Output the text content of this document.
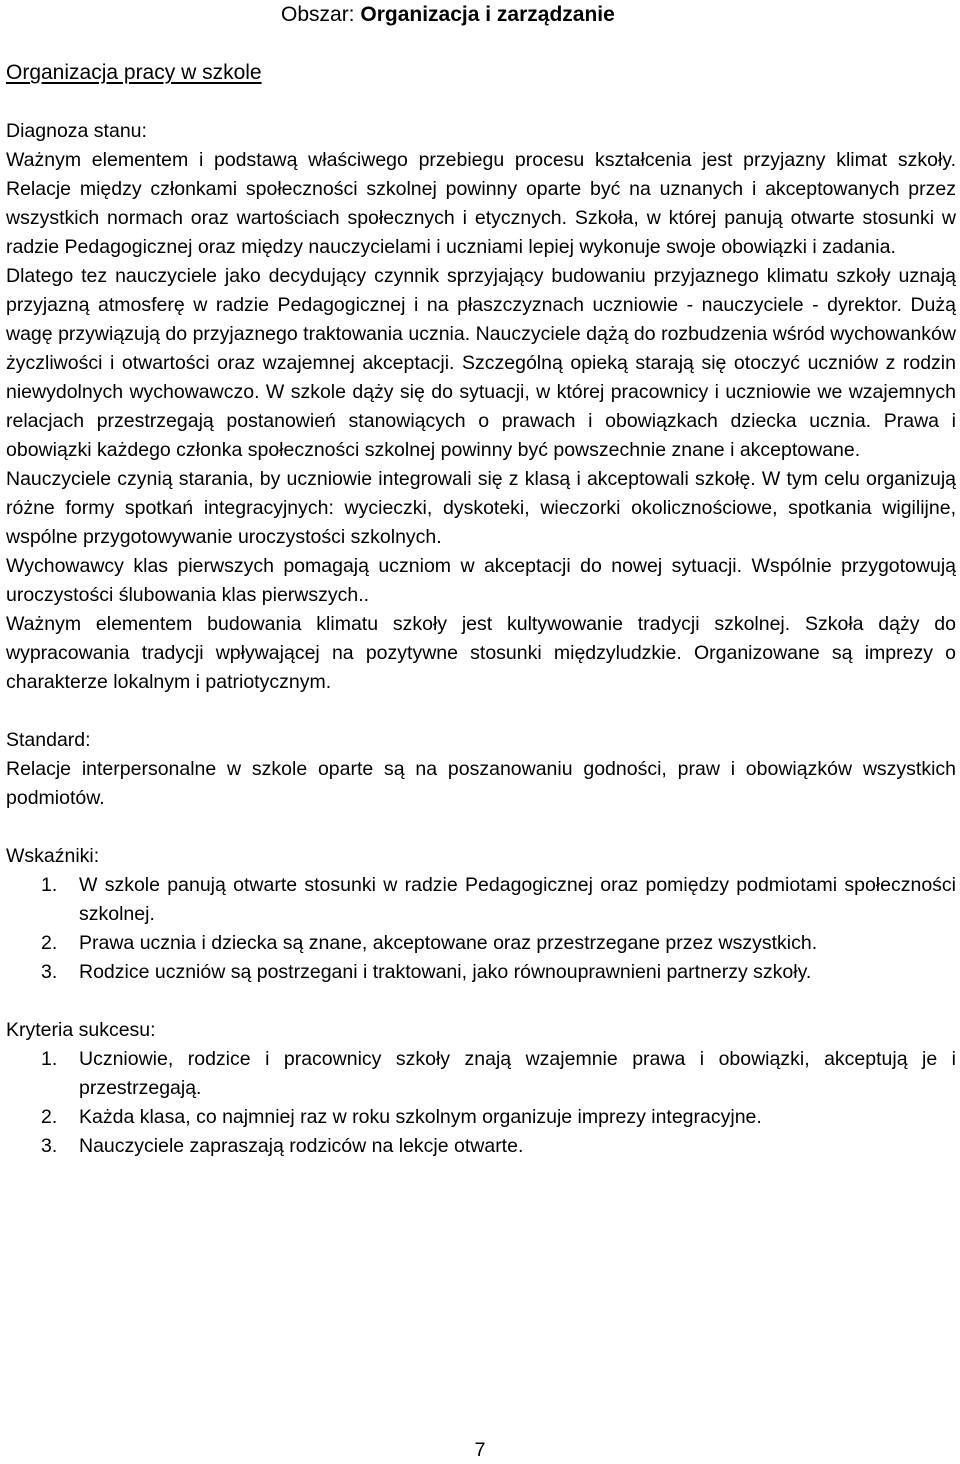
Obszar: Organizacja i zarządzanie
Organizacja pracy w szkole

Diagnoza stanu:

Ważnym elementem i podstawą właściwego przebiegu procesu kształcenia jest przyjazny klimat szkoły. Relacje między członkami społeczności szkolnej powinny oparte być na uznanych i akceptowanych przez wszystkich normach oraz wartościach społecznych i etycznych. Szkoła, w której panują otwarte stosunki w radzie Pedagogicznej oraz między nauczycielami i uczniami lepiej wykonuje swoje obowiązki i zadania.

Dlatego tez nauczyciele jako decydujący czynnik sprzyjający budowaniu przyjaznego klimatu szkoły uznają przyjazną atmosferę w radzie Pedagogicznej i na płaszczyznach uczniowie - nauczyciele - dyrektor. Dużą wagę przywiązują do przyjaznego traktowania ucznia. Nauczyciele dążą do rozbudzenia wśród wychowanków życzliwości i otwartości oraz wzajemnej akceptacji. Szczególną opieką starają się otoczyć uczniów z rodzin niewydolnych wychowawczo. W szkole dąży się do sytuacji, w której pracownicy i uczniowie we wzajemnych relacjach przestrzegają postanowień stanowiących o prawach i obowiązkach dziecka ucznia. Prawa i obowiązki każdego członka społeczności szkolnej powinny być powszechnie znane i akceptowane.

Nauczyciele czynią starania, by uczniowie integrowali się z klasą i akceptowali szkołę. W tym celu organizują różne formy spotkań integracyjnych: wycieczki, dyskoteki, wieczorki okolicznościowe, spotkania wigilijne, wspólne przygotowywanie uroczystości szkolnych.

Wychowawcy klas pierwszych pomagają uczniom w akceptacji do nowej sytuacji. Wspólnie przygotowują uroczystości ślubowania klas pierwszych..

Ważnym elementem budowania klimatu szkoły jest kultywowanie tradycji szkolnej. Szkoła dąży do wypracowania tradycji wpływającej na pozytywne stosunki międzyludzkie. Organizowane są imprezy o charakterze lokalnym i patriotycznym.

Standard:

Relacje interpersonalne w szkole oparte są na poszanowaniu godności, praw i obowiązków wszystkich podmiotów.

Wskaźniki:

1. W szkole panują otwarte stosunki w radzie Pedagogicznej oraz pomiędzy podmiotami społeczności szkolnej.
2. Prawa ucznia i dziecka są znane, akceptowane oraz przestrzegane przez wszystkich.
3. Rodzice uczniów są postrzegani i traktowani, jako równouprawnieni partnerzy szkoły.

Kryteria sukcesu:

1. Uczniowie, rodzice i pracownicy szkoły znają wzajemnie prawa i obowiązki, akceptują je i przestrzegają.
2. Każda klasa, co najmniej raz w roku szkolnym organizuje imprezy integracyjne.
3. Nauczyciele zapraszają rodziców na lekcje otwarte.
7
